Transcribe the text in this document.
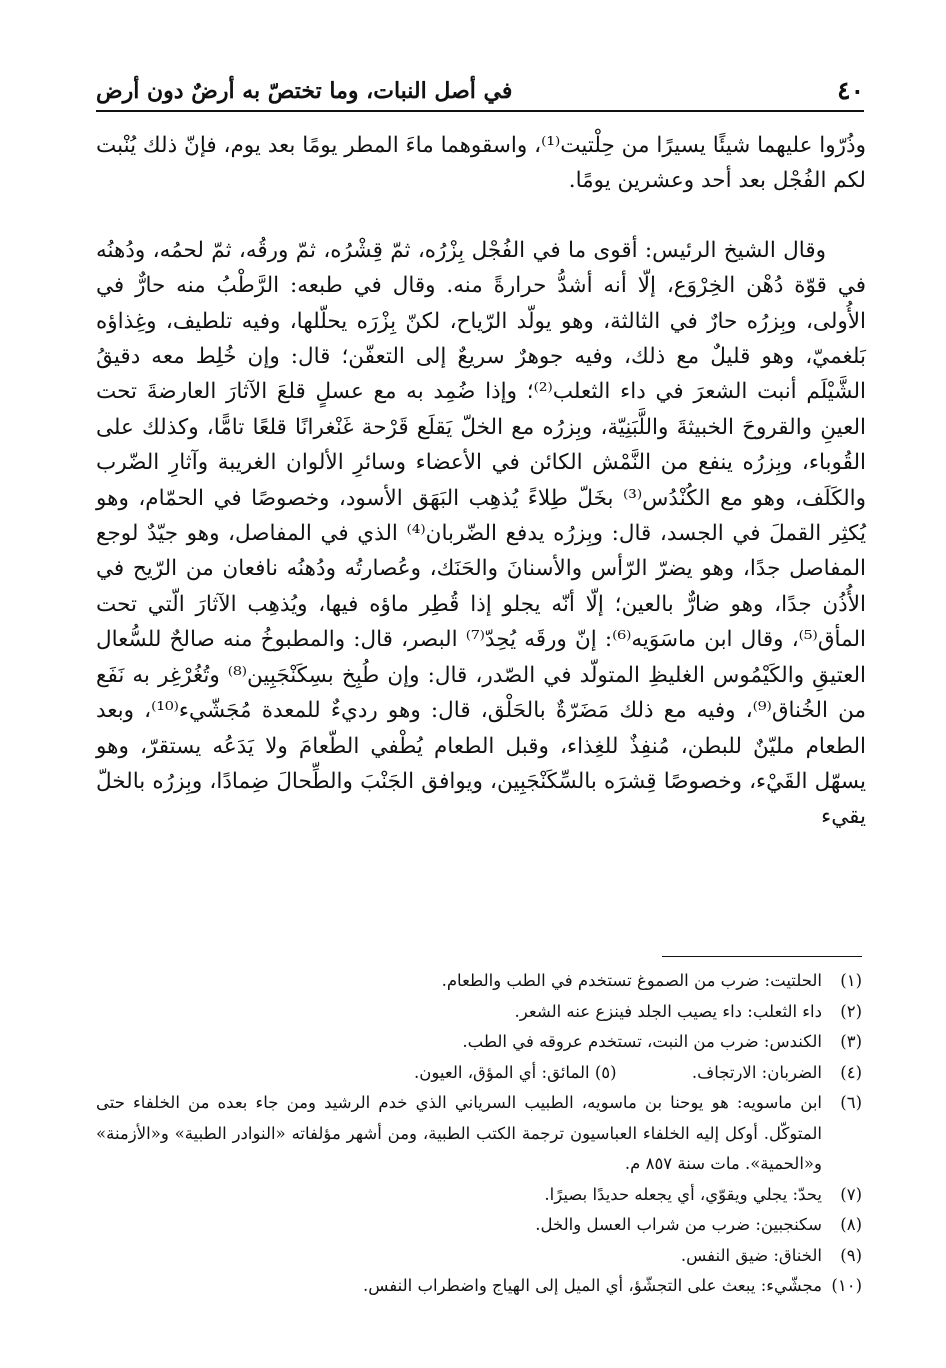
٤٠
في أصل النبات، وما تختصّ به أرضٌ دون أرض

وذُرّوا عليهما شيئًا يسيرًا من حِلْتيت⁽¹⁾، واسقوهما ماءَ المطر يومًا بعد يوم، فإنّ ذلك يُنْبت لكم الفُجْل بعد أحد وعشرين يومًا.

وقال الشيخ الرئيس: أقوى ما في الفُجْل بِزْرُه، ثمّ قِشْرُه، ثمّ ورقُه، ثمّ لحمُه، ودُهنُه في قوّة دُهْن الخِرْوَع، إلّا أنه أشدُّ حرارةً منه. وقال في طبعه: الرَّطْبُ منه حارٌّ في الأُولى، وبِزرُه حارٌ في الثالثة، وهو يولّد الرّياح، لكنّ بِزْرَه يحلّلها، وفيه تلطيف، وغِذاؤه بَلغميّ، وهو قليلٌ مع ذلك، وفيه جوهرٌ سريعٌ إلى التعفّن؛ قال: وإن خُلِط معه دقيقُ الشَّيْلَم أنبت الشعرَ في داء الثعلب⁽²⁾؛ وإذا ضُمِد به مع عسلٍ قلعَ الآثارَ العارضةَ تحت العينِ والقروحَ الخبيثةَ واللَّبَنِيّة، وبِزرُه مع الخلّ يَقلَع قَرْحة غَنْغرانًا قلعًا تامًّا، وكذلك على القُوباء، وبِزرُه ينفع من النَّمْش الكائن في الأعضاء وسائرِ الألوان الغريبة وآثارِ الضّرب والكَلَف، وهو مع الكُنْدُس⁽³⁾ بخَلّ طِلاءً يُذهِب البَهَق الأسود، وخصوصًا في الحمّام، وهو يُكثِر القملَ في الجسد، قال: وبِزرُه يدفع الضّربان⁽⁴⁾ الذي في المفاصل، وهو جيّدٌ لوجع المفاصل جدًا، وهو يضرّ الرّأس والأسنانَ والحَنَك، وعُصارتُه ودُهنُه نافعان من الرّيح في الأُذُن جدًا، وهو ضارٌّ بالعين؛ إلّا أنّه يجلو إذا قُطِر ماؤه فيها، ويُذهِب الآثارَ الّتي تحت المأق⁽⁵⁾، وقال ابن ماسَوَيه⁽⁶⁾: إنّ ورقَه يُحِدّ⁽⁷⁾ البصر، قال: والمطبوخُ منه صالحٌ للسُّعال العتيقِ والكَيْمُوس الغليظِ المتولّد في الصّدر، قال: وإن طُبِخ بسِكَنْجَبِين⁽⁸⁾ وتُغُرْغِر به نَفَع من الخُناق⁽⁹⁾، وفيه مع ذلك مَضَرّةٌ بالحَلْق، قال: وهو رديءٌ للمعدة مُجَشّيء⁽¹⁰⁾، وبعد الطعام مليّنٌ للبطن، مُنفِذٌ للغِذاء، وقبل الطعام يُطْفي الطّعامَ ولا يَدَعُه يستقرّ، وهو يسهّل القَيْء، وخصوصًا قِشرَه بالسِّكَنْجَبِين، ويوافق الجَنْبَ والطِّحالَ ضِمادًا، وبِزرُه بالخلّ يقيء

(١)
الحلتيت: ضرب من الصموغ تستخدم في الطب والطعام.
(٢)
داء الثعلب: داء يصيب الجلد فينزع عنه الشعر.
(٣)
الكندس: ضرب من النبت، تستخدم عروقه في الطب.
(٤)
الضربان: الارتجاف. (٥) المائق: أي المؤق، العيون.
(٦)
ابن ماسويه: هو يوحنا بن ماسويه، الطبيب السرياني الذي خدم الرشيد ومن جاء بعده من الخلفاء حتى المتوكّل. أوكل إليه الخلفاء العباسيون ترجمة الكتب الطبية، ومن أشهر مؤلفاته «النوادر الطبية» و«الأزمنة» و«الحمية». مات سنة ٨٥٧ م.
(٧)
يحدّ: يجلي ويقوّي، أي يجعله حديدًا بصيرًا.
(٨)
سكنجبين: ضرب من شراب العسل والخل.
(٩)
الخناق: ضيق النفس.
(١٠)
مجشّيء: يبعث على التجشّؤ، أي الميل إلى الهياج واضطراب النفس.
